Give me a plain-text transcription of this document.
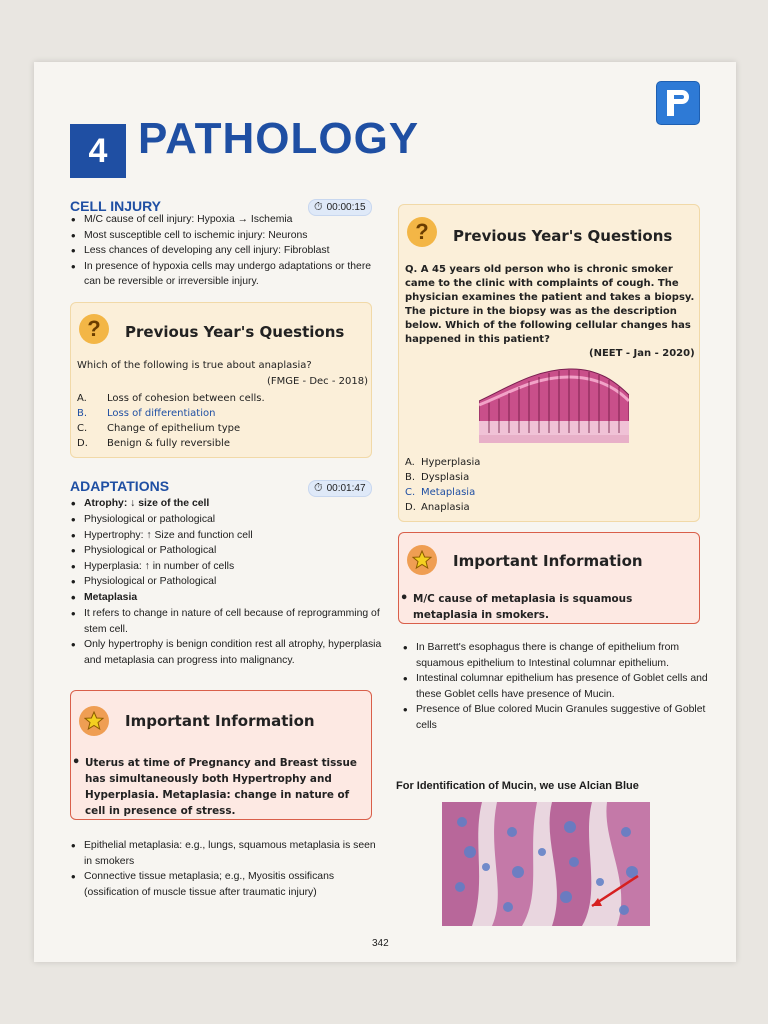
4 PATHOLOGY
CELL INJURY	⏱ 00:00:15
• M/C cause of cell injury: Hypoxia → Ischemia
• Most susceptible cell to ischemic injury: Neurons
• Less chances of developing any cell injury: Fibroblast
• In presence of hypoxia cells may undergo adaptations or there can be reversible or irreversible injury.
?	Previous Year's Questions
Which of the following is true about anaplasia?
(FMGE - Dec - 2018)
A. Loss of cohesion between cells.
B. Loss of differentiation
C. Change of epithelium type
D. Benign & fully reversible
ADAPTATIONS	⏱ 00:01:47
• Atrophy: ↓ size of the cell
• Physiological or pathological
• Hypertrophy: ↑ Size and function cell
• Physiological or Pathological
• Hyperplasia: ↑ in number of cells
• Physiological or Pathological
• Metaplasia
• It refers to change in nature of cell because of reprogramming of stem cell.
• Only hypertrophy is benign condition rest all atrophy, hyperplasia and metaplasia can progress into malignancy.
Important Information
• Uterus at time of Pregnancy and Breast tissue has simultaneously both Hypertrophy and Hyperplasia. Metaplasia: change in nature of cell in presence of stress.
• Epithelial metaplasia: e.g., lungs, squamous metaplasia is seen in smokers
• Connective tissue metaplasia; e.g., Myositis ossificans (ossification of muscle tissue after traumatic injury)
?	Previous Year's Questions
Q. A 45 years old person who is chronic smoker came to the clinic with complaints of cough. The physician examines the patient and takes a biopsy. The picture in the biopsy was as the description below. Which of the following cellular changes has happened in this patient?
(NEET - Jan - 2020)
A. Hyperplasia
B. Dysplasia
C. Metaplasia
D. Anaplasia
Important Information
• M/C cause of metaplasia is squamous metaplasia in smokers.
• In Barrett's esophagus there is change of epithelium from squamous epithelium to Intestinal columnar epithelium.
• Intestinal columnar epithelium has presence of Goblet cells and these Goblet cells have presence of Mucin.
• Presence of Blue colored Mucin Granules suggestive of Goblet cells
For Identification of Mucin, we use Alcian Blue
342
